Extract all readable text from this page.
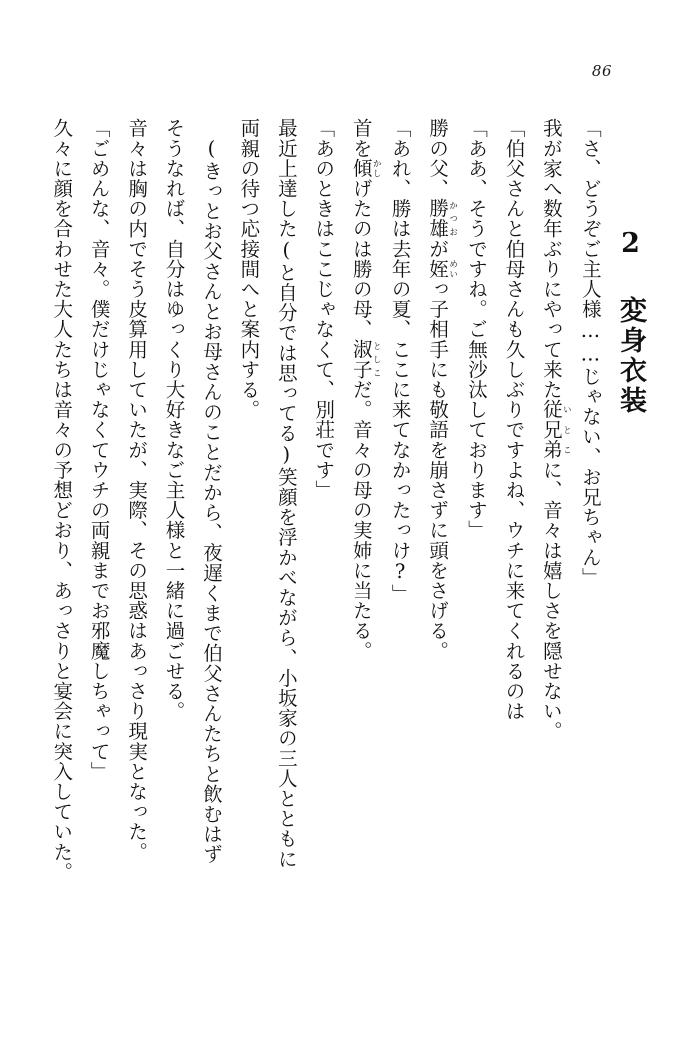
86
2 変身衣装

「さ、どうぞご主人様……じゃない、お兄ちゃん」

我が家へ数年ぶりにやって来た従兄弟いとこに、音々は嬉しさを隠せない。

「伯父さんと伯母さんも久しぶりですよね、ウチに来てくれるのは

「ああ、そうですね。ご無沙汰しております」

勝の父、勝雄かつおが姪めいっ子相手にも敬語を崩さずに頭をさげる。

「あれ、勝は去年の夏、ここに来てなかったっけ?」

首を傾かしげたのは勝の母、淑子としこだ。音々の母の実姉に当たる。

「あのときはここじゃなくて、別荘です」

最近上達した(と自分では思ってる)笑顔を浮かべながら、小坂家の三人とともに

両親の待つ応接間へと案内する。

(きっとお父さんとお母さんのことだから、夜遅くまで伯父さんたちと飲むはず

そうなれば、自分はゆっくり大好きなご主人様と一緒に過ごせる。

音々は胸の内でそう皮算用していたが、実際、その思惑はあっさり現実となった。

「ごめんな、音々。僕だけじゃなくてウチの両親までお邪魔しちゃって」

久々に顔を合わせた大人たちは音々の予想どおり、あっさりと宴会に突入していた。
